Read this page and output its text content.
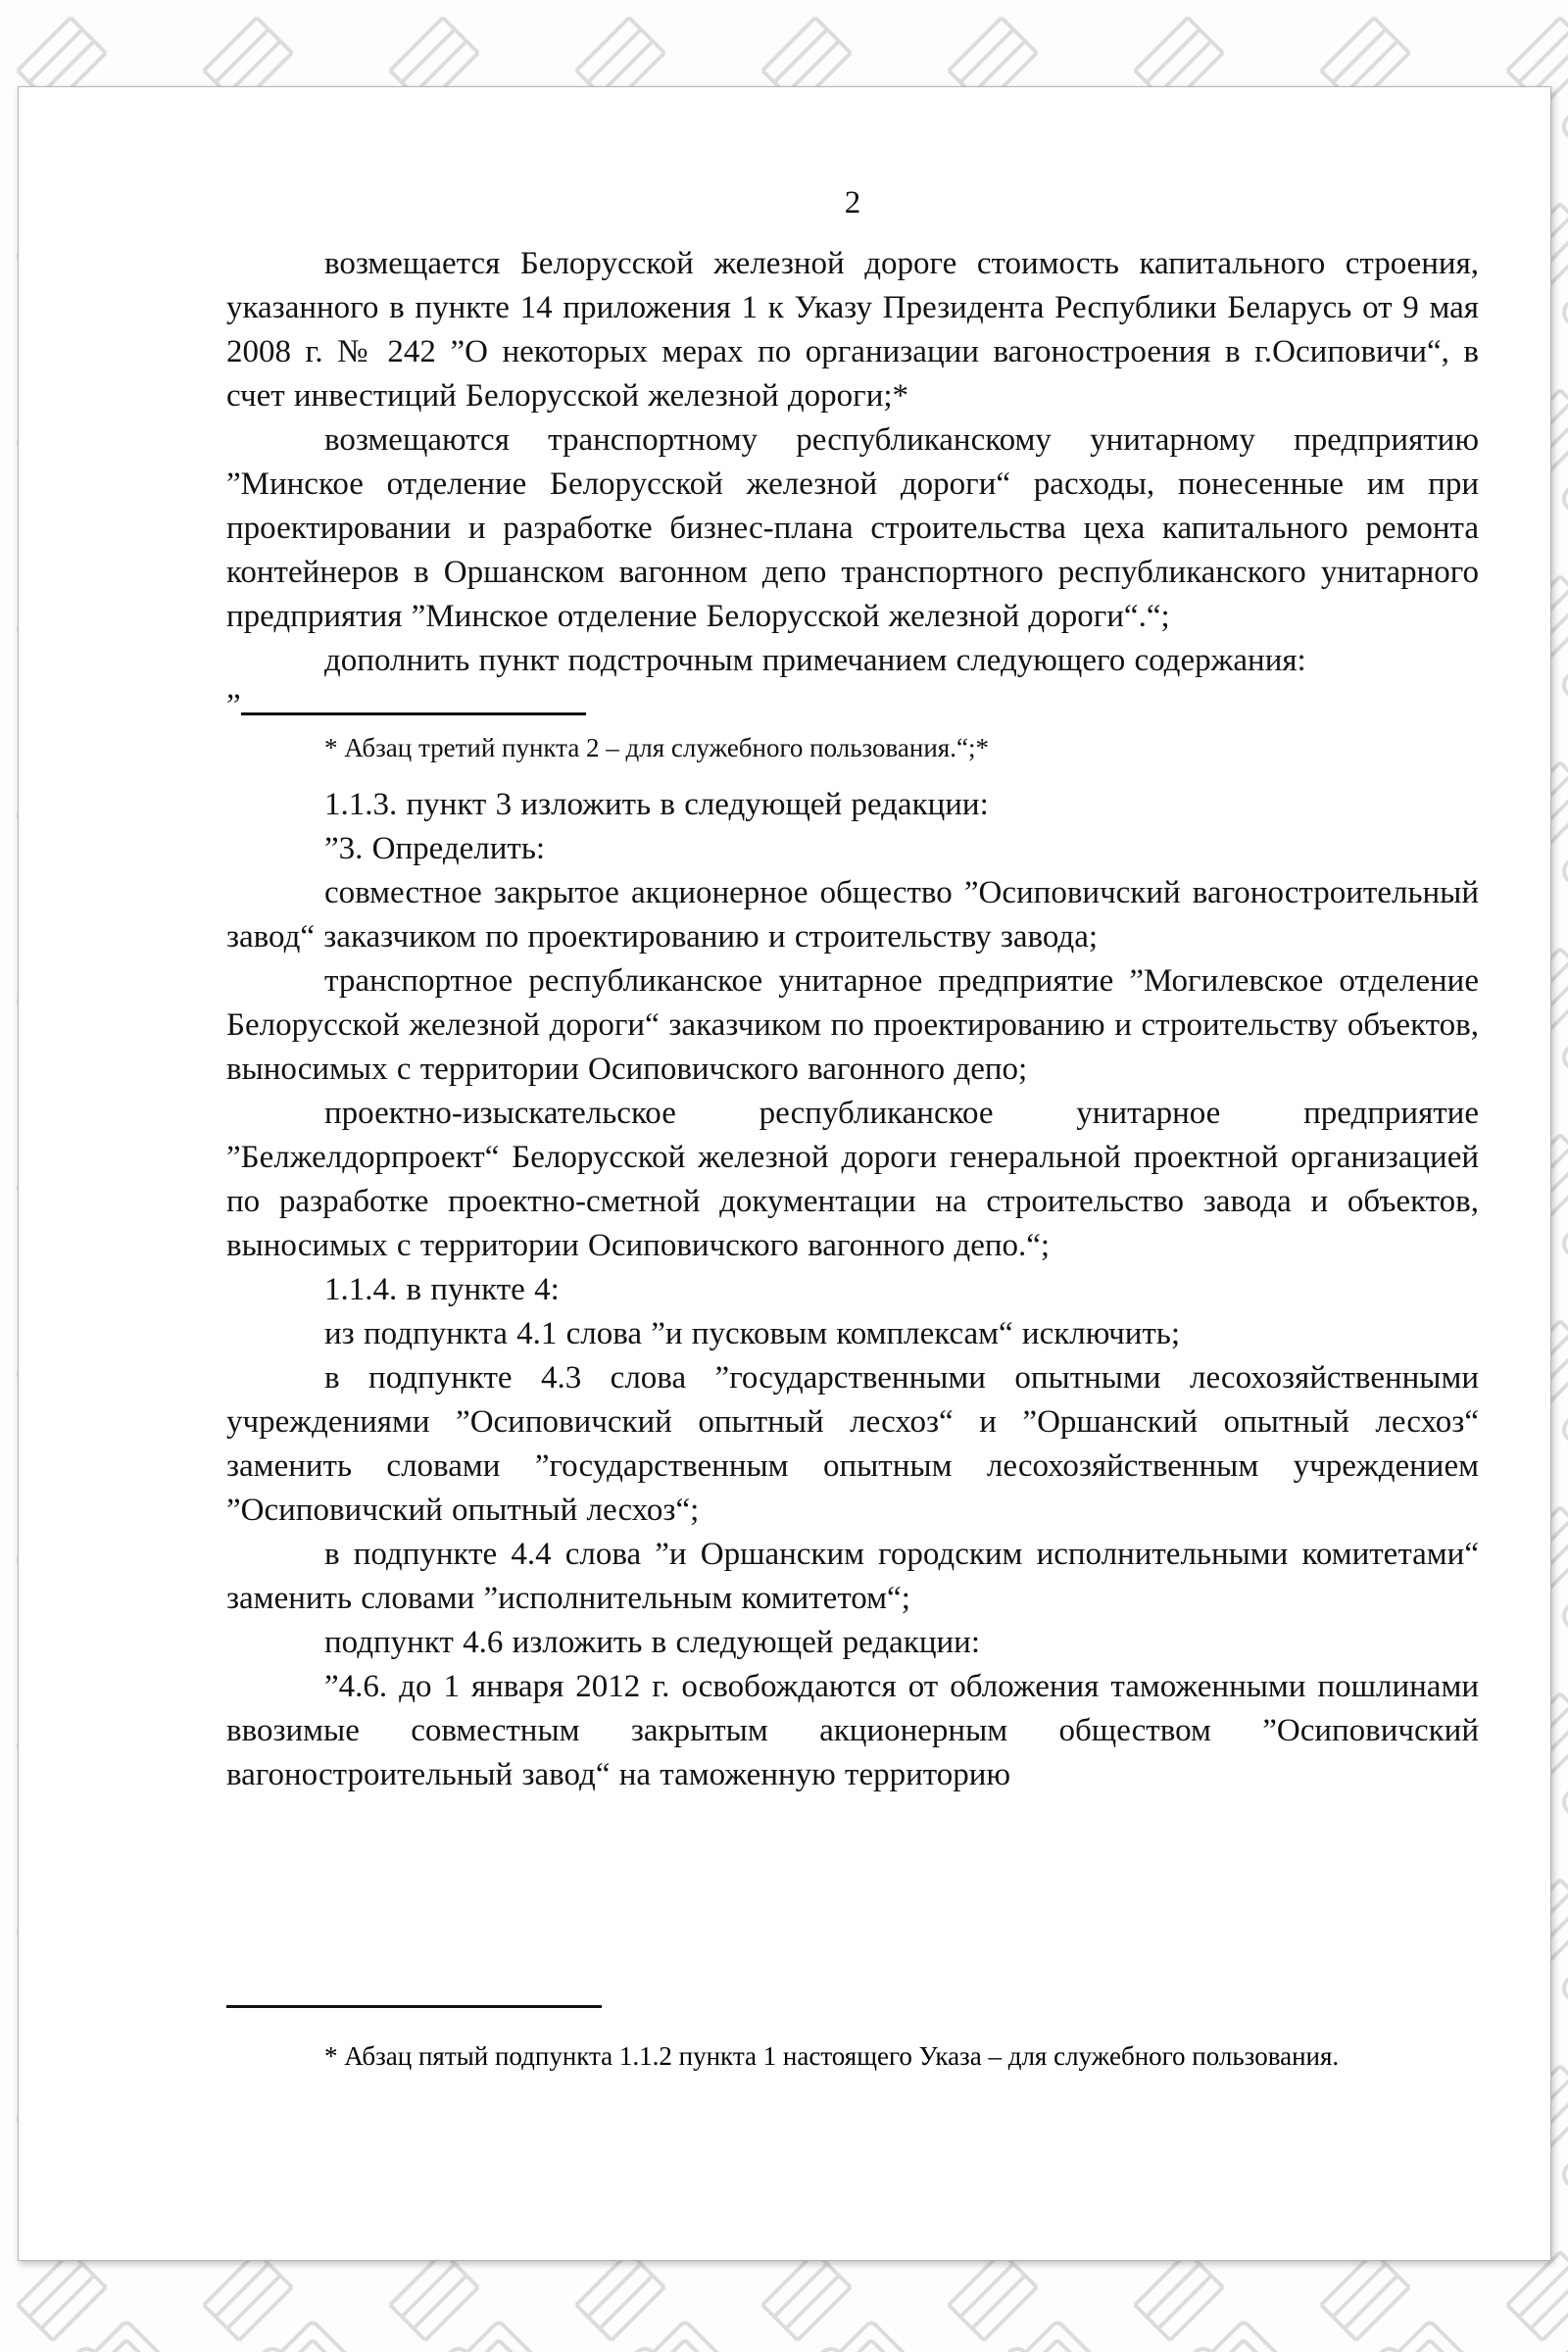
2

возмещается Белорусской железной дороге стоимость капитального строения, указанного в пункте 14 приложения 1 к Указу Президента Республики Беларусь от 9 мая 2008 г. № 242 ”О некоторых мерах по организации вагоностроения в г.Осиповичи“, в счет инвестиций Белорусской железной дороги;*

возмещаются транспортному республиканскому унитарному предприятию ”Минское отделение Белорусской железной дороги“ расходы, понесенные им при проектировании и разработке бизнес-плана строительства цеха капитального ремонта контейнеров в Оршанском вагонном депо транспортного республиканского унитарного предприятия ”Минское отделение Белорусской железной дороги“.“;

дополнить пункт подстрочным примечанием следующего содержания:

”

* Абзац третий пункта 2 – для служебного пользования.“;*

1.1.3. пункт 3 изложить в следующей редакции:

”3. Определить:

совместное закрытое акционерное общество ”Осиповичский вагоностроительный завод“ заказчиком по проектированию и строительству завода;

транспортное республиканское унитарное предприятие ”Могилевское отделение Белорусской железной дороги“ заказчиком по проектированию и строительству объектов, выносимых с территории Осиповичского вагонного депо;

проектно-изыскательское республиканское унитарное предприятие ”Белжелдорпроект“ Белорусской железной дороги генеральной проектной организацией по разработке проектно-сметной документации на строительство завода и объектов, выносимых с территории Осиповичского вагонного депо.“;

1.1.4. в пункте 4:

из подпункта 4.1 слова ”и пусковым комплексам“ исключить;

в подпункте 4.3 слова ”государственными опытными лесохозяйственными учреждениями ”Осиповичский опытный лесхоз“ и ”Оршанский опытный лесхоз“ заменить словами ”государственным опытным лесохозяйственным учреждением ”Осиповичский опытный лесхоз“;

в подпункте 4.4 слова ”и Оршанским городским исполнительными комитетами“ заменить словами ”исполнительным комитетом“;

подпункт 4.6 изложить в следующей редакции:

”4.6. до 1 января 2012 г. освобождаются от обложения таможенными пошлинами ввозимые совместным закрытым акционерным обществом ”Осиповичский вагоностроительный завод“ на таможенную территорию

* Абзац пятый подпункта 1.1.2 пункта 1 настоящего Указа – для служебного пользования.
